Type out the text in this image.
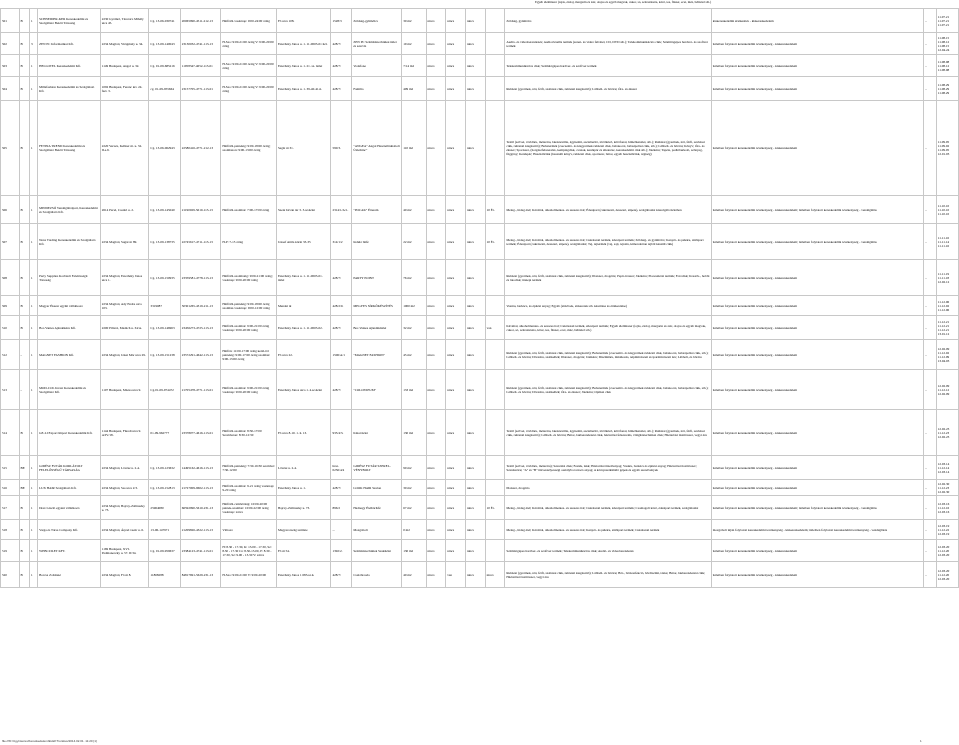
Egyéb élelmiszer (tojás, étolaj, margarin és zsír, olajos és egyéb magvak, cukor, só, száraztészta, kávé, tea, fűszer, ecet, méz, bébiétel stb.)
501	B	1	SCHNEIDER-KER Kereskedelmi és Szolgáltató Betéti Társaság	2230 Gyömrő, Táncsics Mihály utca 45.	Cg. 13-06-030741	20065990-4511-212-13	Hétfőtől-vasárnap: 0:00-24:00 óráig	Fő utca 108.	1528/3	Zöldség-gyümölcs	30 m2	nincs	nincs	nincs		Zöldség, gyümölcs	kiskereskedelmi értékesítés - kiskereskedelem	..	11.07.21 11.07.21 11.07.21
502	B	3	ZEN PC Informatikai Kft.	2234 Maglód, Virágmaly u. 34.	Cg. 13-09-140043	23130032-4741-113-13	H-Szo: 9:00-21:00 óráig V: 9:00-20:00 óráig	Esterházy János u. 1. 11-0003-01 üzl.	428/7/	ZEN PC Számítástechnikai üzlet és szerviz	19 m2	nincs	nincs	nincs		Audió- és videoberendezés; Audiovizuális termék (zenei- és videó felvétel, CD, DVD stb.); Telekommunikációs cikk; Számítógépes hardver- és szoftver termék	üzletben folytatott kereskedelmi tevékenység - kiskereskedelem	..	11.08.15 11.08.12 11.08.15 12.04.24
503	B	1	HELLOTEL Kereskedelmi Kft.	1149 Budapest, Angol u. 32.	Cg. 01-09-685216	11958347-4652-113-01	H-Szo: 9:00-21:00 óráig V: 9:00-20:00 óráig	Esterházy János u. 1. 21. sz. üzlet	428/7/	Vodafone	7/14 m2	nincs	nincs	nincs		Telekommunikációs cikk; Számítógépes hardver- és szoftver termék	üzletben folytatott kereskedelmi tevékenység - kiskereskedelem	..	11.08.08 11.08.12 11.08.08
504	B	1	Millafashion Kereskedelmi és Szolgáltató Kft.	1092 Budapest, Ferenc krt. 24. fszt. 3.	cg. 01-09-955664	23157705-4771-113-01	H-Szo: 9:00-21:00 óráig V: 9:00-20:00 óráig	Esterházy János u. 1. 39-40-41.ü.	428/7/	Familia	409 m2	nincs	nincs	nincs		Ruházat (gyermek, női, férfi, szabásai cikk, ruházati kiegészítő); Lábbeli- és bőráru; Óra- és ékszer	üzletben folytatott kereskedelmi tevékenység - kiskereskedelem	..	11.08.29 11.08.29 11.08.29
505	B	1	FETINA TREND Kereskedelmi és Szolgáltató Betéti Társaság	2220 Vecsés, Kellner út. u. 32. II.e.9.	Cg. 13-06-062943	22580416-4771-212-13	Hétfőtől-péntekig: 9:00-18:00 óráig; szombaton: 9:00-13:00 óráig	Segát út 31.	590/3.	"ANGEA" Angol Használtruhabolt Üzletlánc"	110 m2	nincs	nincs	nincs		Textil (szövet, rövidáru, méteráru, lakástextília, ágynemű, asztalterítő, törölköző, kötőfonal, hímzőkészlet, stb.); Ruházat (gyermek, női, férfi, szabásai cikk, ruházati kiegészítő); Babatermék (csecsemő- és kisgyermek ruházati cikk, babakocsi, babaápolási cikk, stb.); Lábbeli- és bőráru; Könyv; Óra- és ékszer; Sportszer, (horgászfelszerelés, kempingcikk, csónak, kerékpár és alkatrész, kereskedelmi cikk stb.); Játékáru; Tapéta, padlóburkoló, szőnyeg, függöny; Kerékpár; Használtcikk (használt könyv, ruházati cikk, sportszer, bútor, egyéb használtcikk, régiség)	üzletben folytatott kereskedelmi tevékenység - kiskereskedelem	..	11.09.05 11.09.02 11.09.05 12.01.03
506	B	1	MINDEZSÓ Vendéglátóipari, Kereskedelmi és Szolgáltató Kft.	2614 Pécel, Csatári u. 2.	Cg. 13-09-145040	21190029-5610-113-13	Hétfőtől-szombat: 7:00-17:00 óráig	Szent István tér 3. 3.sz.üzlet	2314/1/A/1.	"POCAK" Étterem	40 m2	nincs	nincs	nincs	10 Ér.	Meleg-, hideg étel; Kávéital, alkoholmentes- és szeszes ital; Édesipari (cukrászati, desszert, süpete), szolgáltatást kiszolgáló üzletben	üzletben folytatott kereskedelmi tevékenység - kiskereskedelem; üzletben folytatott kereskedelmi tevékenység - vendéglátás	..	11.10.10 11.10.10 11.10.10
507	B	1	Nexa Trading Kereskedelmi és Szolgáltató Kft.	2234 Maglód, Sugár út 89.	Cg. 13-09-138735	22745617-4711-113-13	H-P: 7-15 óráig	József Attila körút 33-35	314/1/2	Induló büfé	22 m2	nincs	nincs	nincs	10 Ér.	Meleg-, hideg étel; Kávéital, alkoholmentes- és szeszes ital; Cukrászati termék, édesipari termék; Zöldség- és gyümölcs; Kenyér- és pékáru, sütőipari termék; Édesipari (cukrászati, desszert, süpete), szolgáltatást; Tej, tejtermék (vaj, sajt, tejszín, kimondottan tejből készült cikk)	üzletben folytatott kereskedelmi tevékenység - kiskereskedelem; üzletben folytatott kereskedelmi tevékenység - vendéglátás	..	11.11.16 11.11.14 11.11.16
508	B	1	Party Supplies Korlátolt Felelősségű Társaság	2234 Maglód, Esterházy János utca 1.	Cg. 13-09-150935	23359581-4778-113-13	Hétfőtől-szombatig: 9:00-21:00 óráig; vasárnap: 9:00-20:00 óráig	Esterházy János u. 1. 11-0003-01. üzlet	428/7/	PARTY POINT	76 m2	nincs	nincs	nincs		Ruházat (gyermek, női, férfi, szabásai cikk, ruházati kiegészítő); Illatszer, drogéria; Papír-írószer; Játékáru; Piaceszközi termék; Fotócikk; Kreatív-, hobbi és ökocikk; ünnepi termék	üzletben folytatott kereskedelmi tevékenység - kiskereskedelem	..	11.11.19 11.11.18 12.02.12
509	B	1	Magyar Ékszer együtt vállalkozó	2234 Maglód, Ady Endre utca 103.	3319087	50301265-4319-211-13	Hétfőtől-péntekig: 9:00-18:00 óráig szombat-vasárnap: 9:00-12:00 óráig	Mendei út	428/2/0.	MEGYES SÍRKŐKÉSZÍTÉS	1000 m2	nincs	nincs	nincs		Vasúru, barkács, és építési anyag; Egyéb (sírkövek, sírkeretek stb. készítése és értékesítése)	üzletben folytatott kereskedelmi tevékenység - kiskereskedelem	..	11.12.06 11.12.02 11.12.06
510	B	1	Bor-Vanies Ajándékáru Kft.	2200 Pilisvé, Madách u. 34/A.	Cg. 13-09-146963	23456273-4725-113-13	Hétfőtől-szombat: 9:00-21:00 óráig vasárnap: 9:00-20:00 óráig	Esterházy János u. 1. 11-0003-02.	428/7/	Bor-Vanies Ajándéküzlet	32 m2	nincs	nincs	nincs	van	Kávéital, alkoholmentes- és szeszes ital; Cukrászati termék, édesipari termék; Egyéb élelmiszer (tojás, étolaj, margarin és zsír, olajos és egyéb magvak, cukor, só, száraztészta, kávé, tea, fűszer, ecet, méz, bébiétel stb.)	üzletben folytatott kereskedelmi tevékenység - kiskereskedelem	..	11.12.21 11.12.21 11.12.21 13.01.12
512	..	1	MAGNET FASHION Kft.	2234 Maglód, Jókai Mór utca 29.	Cg. 13-09-151238	23572291-4642-113-13	Hétfőn: 11:00-17:00 óráig kedd-től péntekig: 9:00-17:00 óráig szombat: 9:00-13:00 óráig	Fő utca 22.	1506/A/1	"MAGNET FASHION"	45 m2	nincs	nincs	nincs		Ruházat (gyermek, női, férfi, szabásai cikk, ruházati kiegészítő); Babatermék (csecsemő- és kisgyermek ruházati cikk, babakocsi, babaápolási cikk, stb.); Lábbeli- és bőráru; Divatáru, szabkellék; Illatszer, drogéria; Játékáru; Díszműáru, műalkotás, népművészeti és iparművészeti áru; Lábbeli, és bőráru	üzletben folytatott kereskedelmi tevékenység - kiskereskedelem	..	12.02.09 11.12.02 11.12.09 13.04.03
513	..	1	MOD-COL Invest Kereskedelmi és Szolgáltató Kft.	1107 Budapest, Mázsa utca 9.	Cg.01-09-974472	21705478-4771-113-01	Hétfőtől-szombat: 9:00-21:00 óráig vasárnap: 9:00-20:00 óráig	Esterházy János utca 1. 4.sz.üzlet	428/7/	"COLOSSEUM"	133 m2	nincs	nincs	nincs		Ruházat (gyermek, női, férfi, szabásai cikk, ruházati kiegészítő); Babatermék (csecsemő- és kisgyermek ruházati cikk, babakocsi, babaápolási cikk, stb.); Lábbeli- és bőráru; Divatáru, szabkellék; Óra- és ékszer; Játékáru; Optikai cikk	üzletben folytatott kereskedelmi tevékenység - kiskereskedelem	..	12.02.09 11.12.12 12.02.09
514	B	1	GE-LI Export Import Kereskedelmi Kft.	1144 Budapest, Füredi utca 9. A/IV/18.	01-09-962777	23378077-4616-113-01	Hétfőtől-szombat: 8:30-17:00 Szombaton: 8:30-12:30	Fő utca 8-10. 1. ü. 13.	935/4/3.	Kínai üzlet	130 m2	nincs	nincs	nincs		Textil (szövet, rövidáru, méteráru, lakástextília, ágynemű, asztalterítő, törölköző, kötőfonal, hímzőkészlet, stb.); Ruházat (gyermek, női, férfi, szabásai cikk, ruházati kiegészítő); Lábbeli- és bőráru; Bútor, lakberendezési cikk, háztartási felszerelés, világítástechnikai cikk; Háztartási tisztítószer, vegyi áru	üzletben folytatott kereskedelmi tevékenység - kiskereskedelem	..	12.02.23 11.12.23 12.02.23
515	BE	1	GIDÉSZ FUTÁR KORLÁTOLT FELELŐSSÉGŰ TÁRSASÁG	2234 Maglód, Lövész u. 2-4.	Cg. 13-09-123632	14495162-4616-113-13	Hétfőtől-péntekig: 7:30-16:30 szombat: 7:30-12:00	Lövész u. 2-4.	hrsz. 0256/4/4	GIDÉSZ FUTÁR SZEREL-VÉNYBOLT	90 m2	nincs	nincs	nincs		Textil (szövet, rövidáru, méteráru); Szerelési cikk; Festék, lakk; Háztartási tüzelőanyag; Vasúru, barkács és építési anyag; Háztartási tisztítószer; Szaniteráru; "A" és "B" tűzveszélyességi osztályba tartozó anyag; A környezetkímélő gépek és egyéb szerelvények	üzletben folytatott kereskedelmi tevékenység - kiskereskedelem	..	12.03.14 11.12.14 12.03.14
516	BE	1	LUX HAIR Szolgáltató Kft.	2234 Maglód, Sas utca 2/3.	Cg. 13-09-152813	21727009-9602-113-13	Hétfőtől-szombat: 9-21 óráig vasárnap: 9-20 óráig	Esterházy János u. 1.	428/7/	LOOK HAIR Szalon	30 m2	nincs	nincs	nincs		Illatszer, drogéria	üzletben folytatott kereskedelmi tevékenység - kiskereskedelem	..	12.02.30 11.12.23 12.02.30
517	B	1	Drex László egyéni vállalkozó	2234 Maglód, Bajcsy-Zsilinszky u. 73.	25964080	66592990-5610-231-13	Hétfőtől-csütörtökig: 10:00-20:00 péntek-szombat: 10:00-22:00 óráig vasárnap: zárva	Bajcsy-Zsilinszky u. 73.	896/2	Hadnagy ÉtelbárKfé	67 m2	nincs	nincs	nincs	10 Ér.	Meleg-, hideg étel; Kávéital, alkoholmentes- és szeszes ital; Cukrászati termék, édesipari termék; Csomagolt kávé, édesipari termék, szolgáltatást	üzletben folytatott kereskedelmi tevékenység - kiskereskedelem; üzletben folytatott kereskedelmi tevékenység - vendéglátás	..	12.03.16 11.12.16 12.03.16
518	B	1	Varga és Társa Company Kft.	2234 Maglód, Árpád vezér u. 6.	13-06-147971	21209826-4322-113-13	Változó	Magyarország területe	...	Mozgóbolt	0 m2	nincs	nincs	nincs		Meleg-, hideg étel; Kávéital, alkoholmentes- és szeszes ital; Kenyér- és pékáru, sütőipari termék; Cukrászati termék	mozgóbolt útján folytatott kereskedelmi tevékenység - kiskereskedelem; üzletben folytatott kereskedelmi tevékenység - vendéglátás	..	12.03.19 11.12.22 12.03.19
519	B	1	WEBCZILET KFT.	1169 Budapest, XVI. Padmaneczky u. 57. II/34.	Cg. 01-09-959637	23384123-4741-113-01	H: 8.30 - 17.30, K: 13.00 - 17.30, Sz: 8.30 - 17.30 Cs: 8.30-13.00, P: 8.30 - 17.30, Sz: 9.00 - 13.30 V: zárva	Fő út 54.	1392/2.	Számítástechnikai Szaküzlet	130 m2	nincs	nincs	nincs		Számítógépes hardver- és szoftver termék; Telekommunikációs cikk; Audió- és videoberendezés	üzletben folytatott kereskedelmi tevékenység - kiskereskedelem	..	12.03.20 11.12.20 12.03.20
520	B	1	Borcsa Zoltánné	2234 Maglód, Fő út 8.	11868288	84817691-5629-231-13	H-Szo: 9:00-21:00 V: 9:00-20:00	Esterházy János 1 683.sz.ü.	428/7/	Csalóbrosda	40 m2	nincs	van	nincs	nincs	Ruházat (gyermek, női, férfi, szabásai cikk, ruházati kiegészítő); Lábbeli- és bőráru; Bőr-, bőrkonfekció, bőrdíszmű, táska; Bútor, lakberendezési cikk; Háztartási tisztítószer, vegyi áru	üzletben folytatott kereskedelmi tevékenység - kiskereskedelem	..	12.03.20 11.12.20 12.03.20
file:///D:/Ugyintezes/Kereskedelem/ELEKTronikus/2014.02.01. 11:20 [1]	1
